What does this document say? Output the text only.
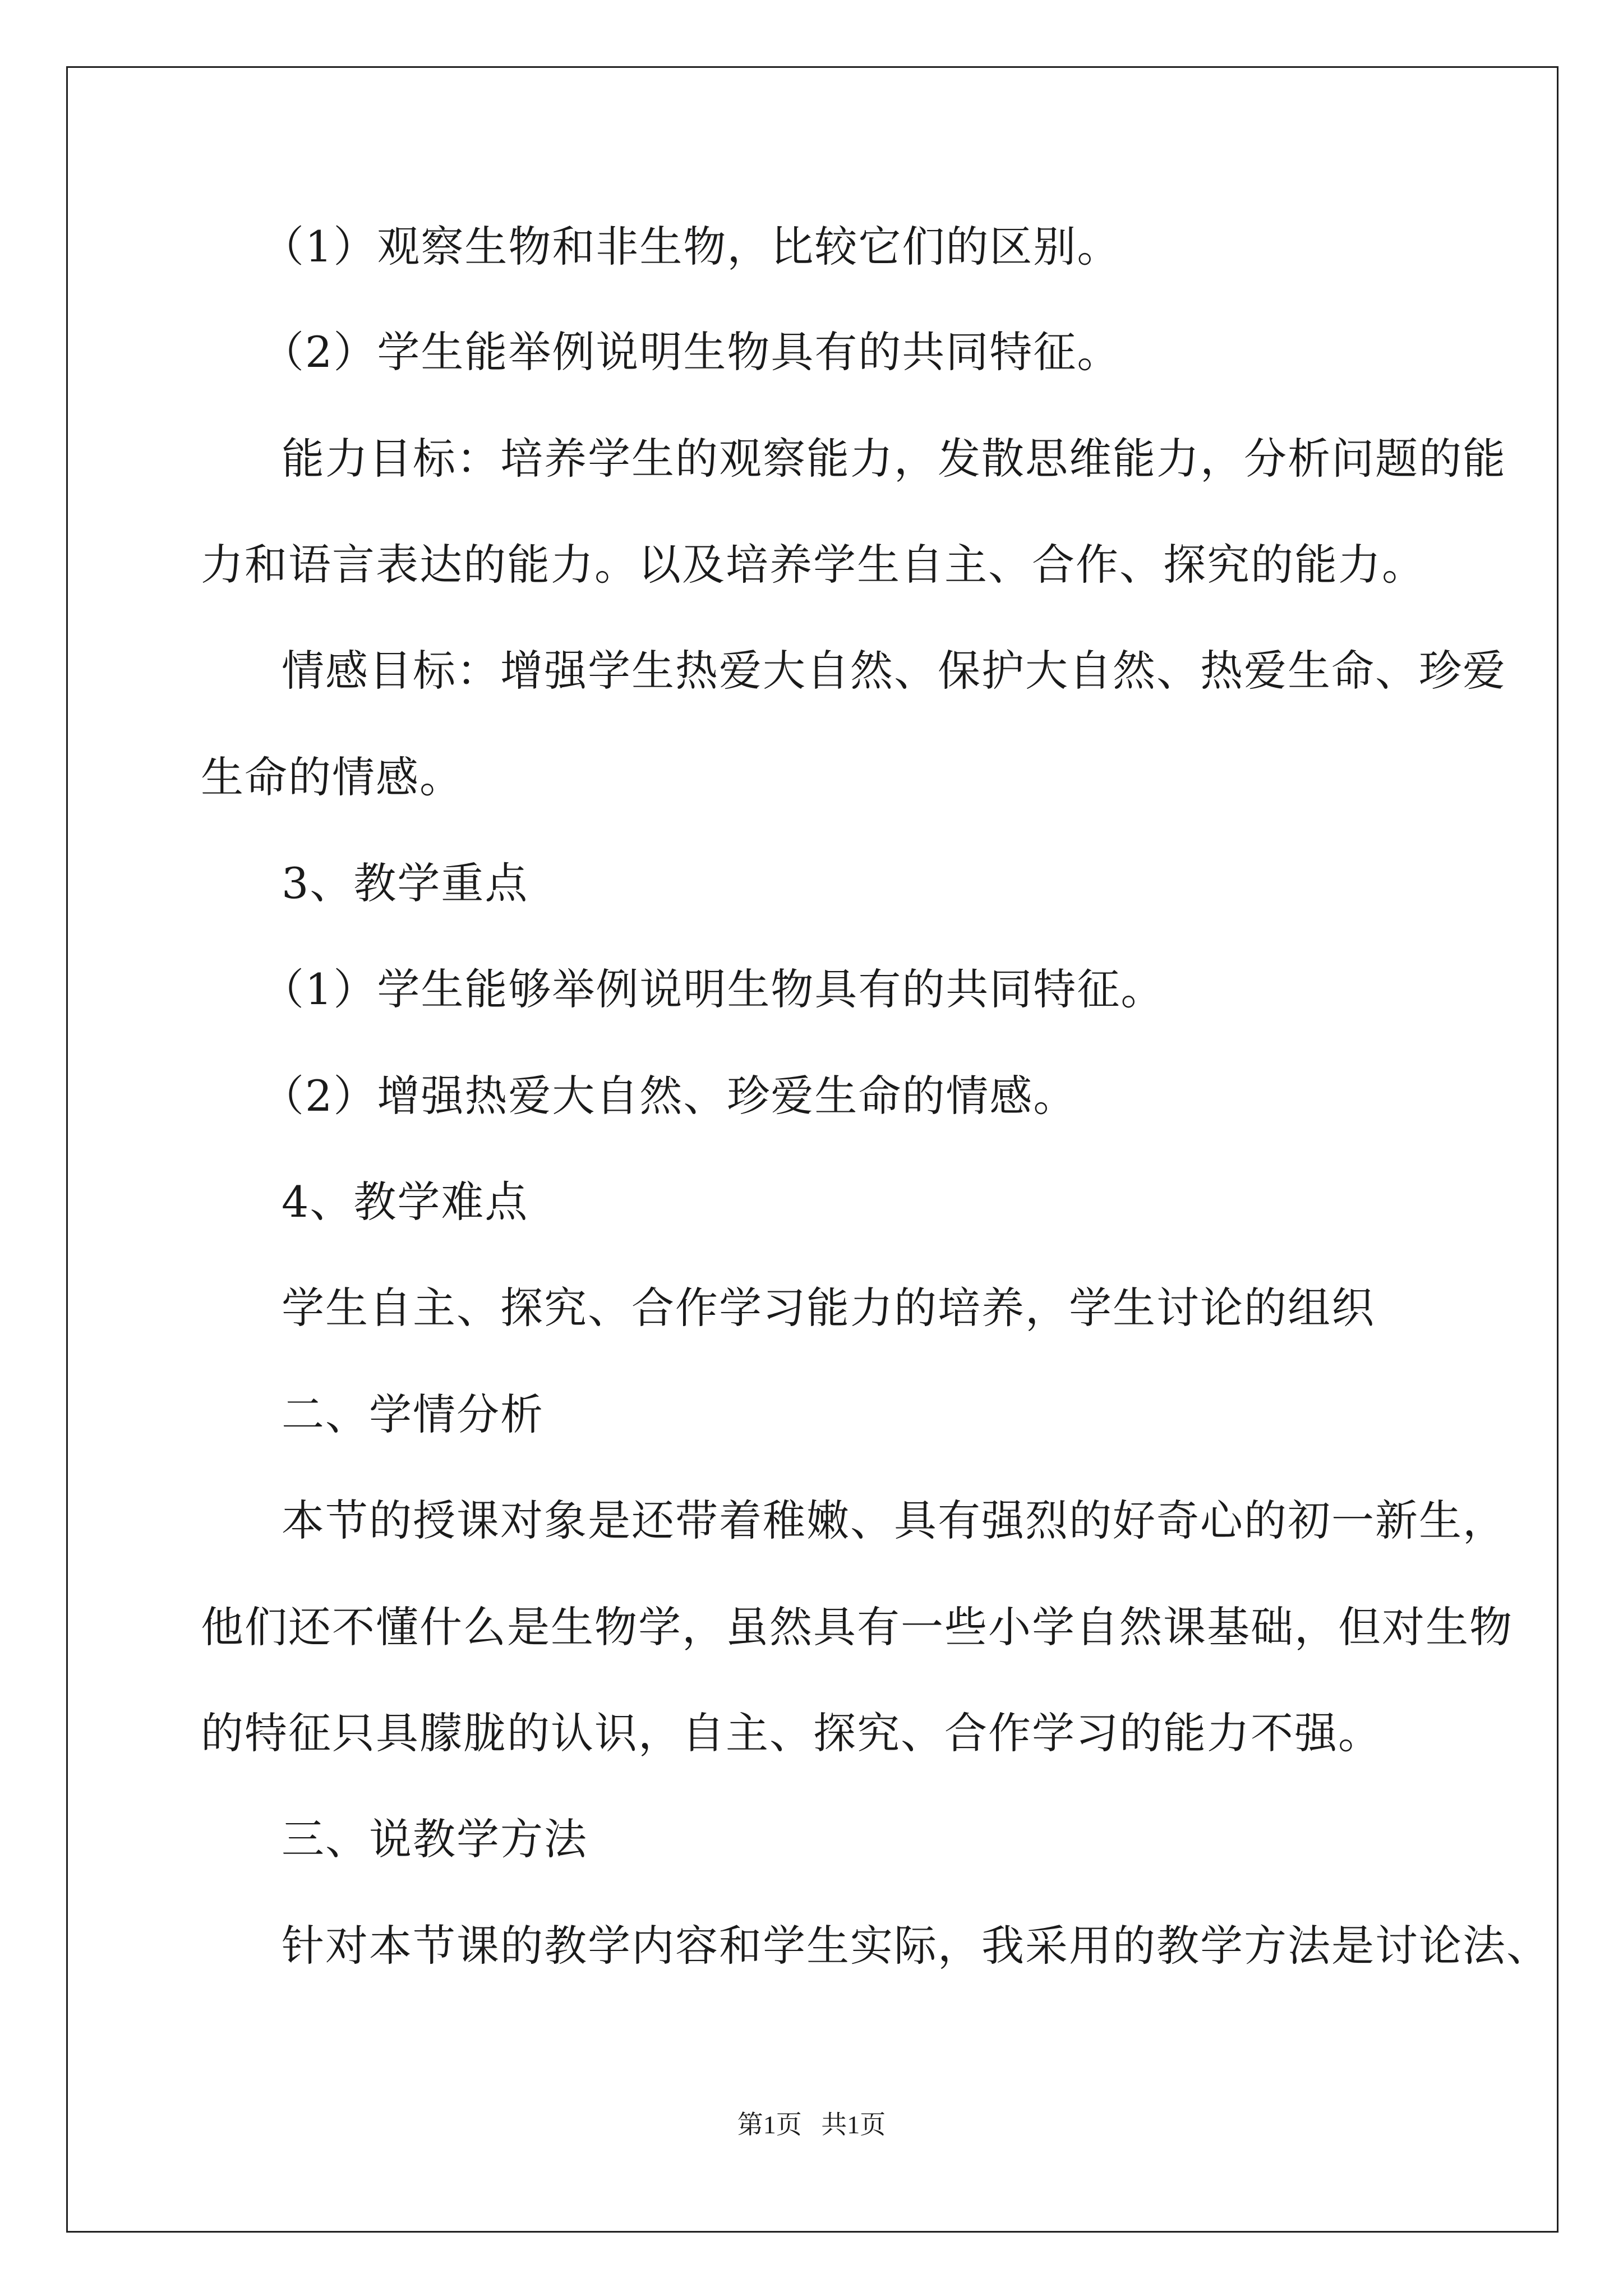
（1）观察生物和非生物，比较它们的区别。
（2）学生能举例说明生物具有的共同特征。
能力目标：培养学生的观察能力，发散思维能力，分析问题的能
力和语言表达的能力。以及培养学生自主、合作、探究的能力。
情感目标：增强学生热爱大自然、保护大自然、热爱生命、珍爱
生命的情感。
3、教学重点
（1）学生能够举例说明生物具有的共同特征。
（2）增强热爱大自然、珍爱生命的情感。
4、教学难点
学生自主、探究、合作学习能力的培养，学生讨论的组织
二、学情分析
本节的授课对象是还带着稚嫩、具有强烈的好奇心的初一新生，
他们还不懂什么是生物学，虽然具有一些小学自然课基础，但对生物
的特征只具朦胧的认识，自主、探究、合作学习的能力不强。
三、说教学方法
针对本节课的教学内容和学生实际，我采用的教学方法是讨论法、
第1页   共1页
